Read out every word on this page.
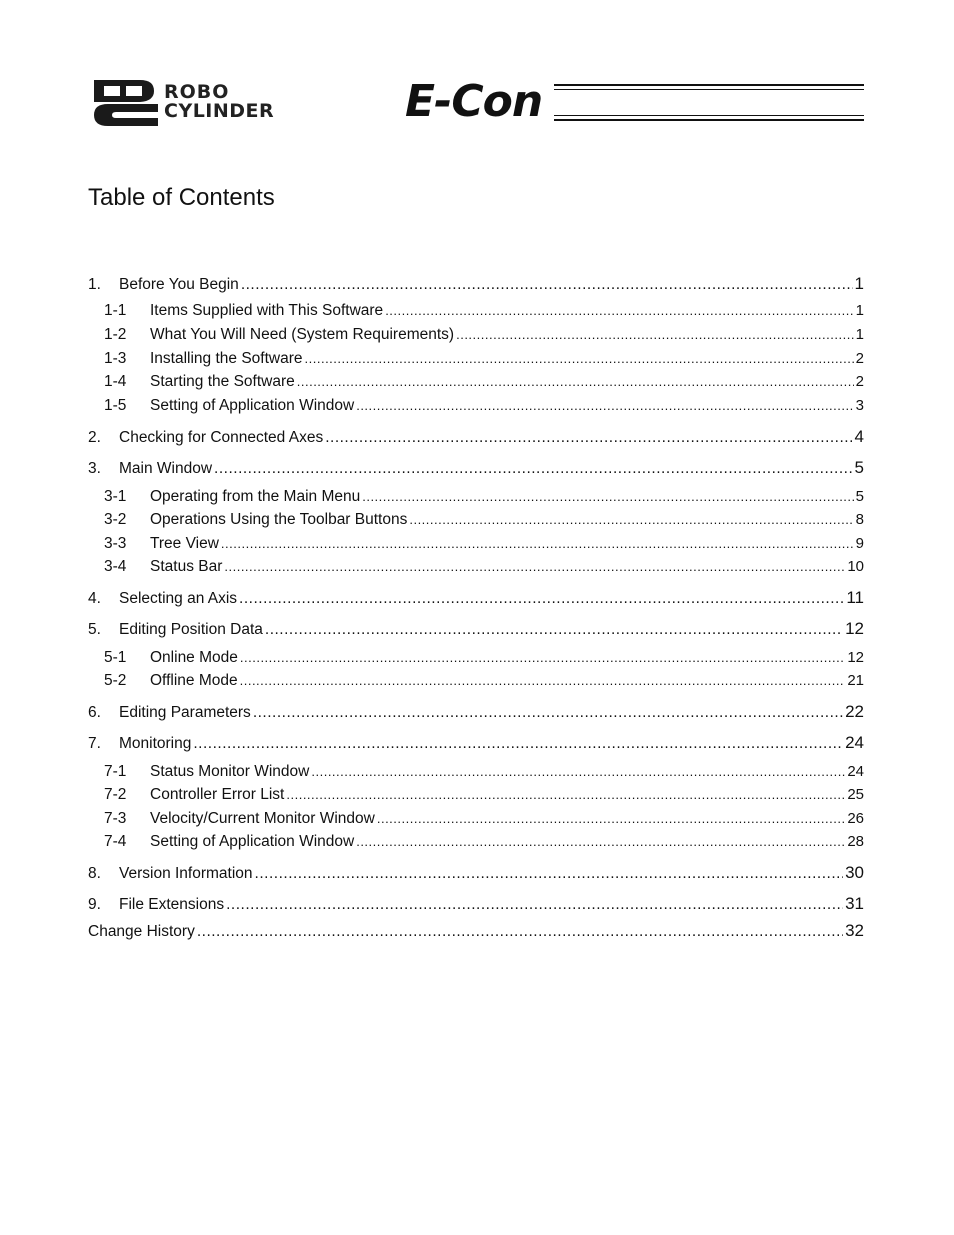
ROBO
CYLINDER	E-Con
Table of Contents
1.	Before You Begin .....	1
1-1	Items Supplied with This Software .....	1
1-2	What You Will Need (System Requirements) .....	1
1-3	Installing the Software .....	2
1-4	Starting the Software .....	2
1-5	Setting of Application Window .....	3
2.	Checking for Connected Axes .....	4
3.	Main Window .....	5
3-1	Operating from the Main Menu .....	5
3-2	Operations Using the Toolbar Buttons .....	8
3-3	Tree View .....	9
3-4	Status Bar .....	10
4.	Selecting an Axis .....	11
5.	Editing Position Data .....	12
5-1	Online Mode .....	12
5-2	Offline Mode .....	21
6.	Editing Parameters .....	22
7.	Monitoring .....	24
7-1	Status Monitor Window .....	24
7-2	Controller Error List .....	25
7-3	Velocity/Current Monitor Window .....	26
7-4	Setting of Application Window .....	28
8.	Version Information .....	30
9.	File Extensions .....	31
Change History .....	32
